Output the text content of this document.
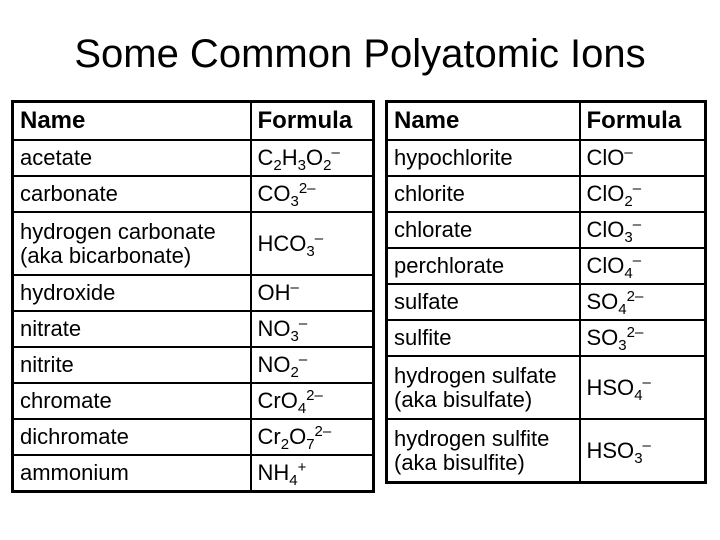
Some Common Polyatomic Ions
Name	Formula

acetate	$C_2H_3O_2^-$

carbonate	$CO_3^{2-}$

hydrogen carbonate
(aka bicarbonate)	$HCO_3^-$

hydroxide	OH–

nitrate	$NO_3^-$

nitrite	$NO_2^-$

chromate	CrO$_4^{2-}$

dichromate	$Cr_2O_7^{2-}$

ammonium	$NH_4^+$
Name	Formula

hypochlorite	ClO–

chlorite	ClO$_2$–

chlorate	ClO$_3$–

perchlorate	ClO$_4$–

sulfate	$SO_4^{2-}$

sulfite	$SO_3^{2-}$

hydrogen sulfate
(aka bisulfate)	$HSO_4^-$

hydrogen sulfite
(aka bisulfite)	$HSO_3^-$
